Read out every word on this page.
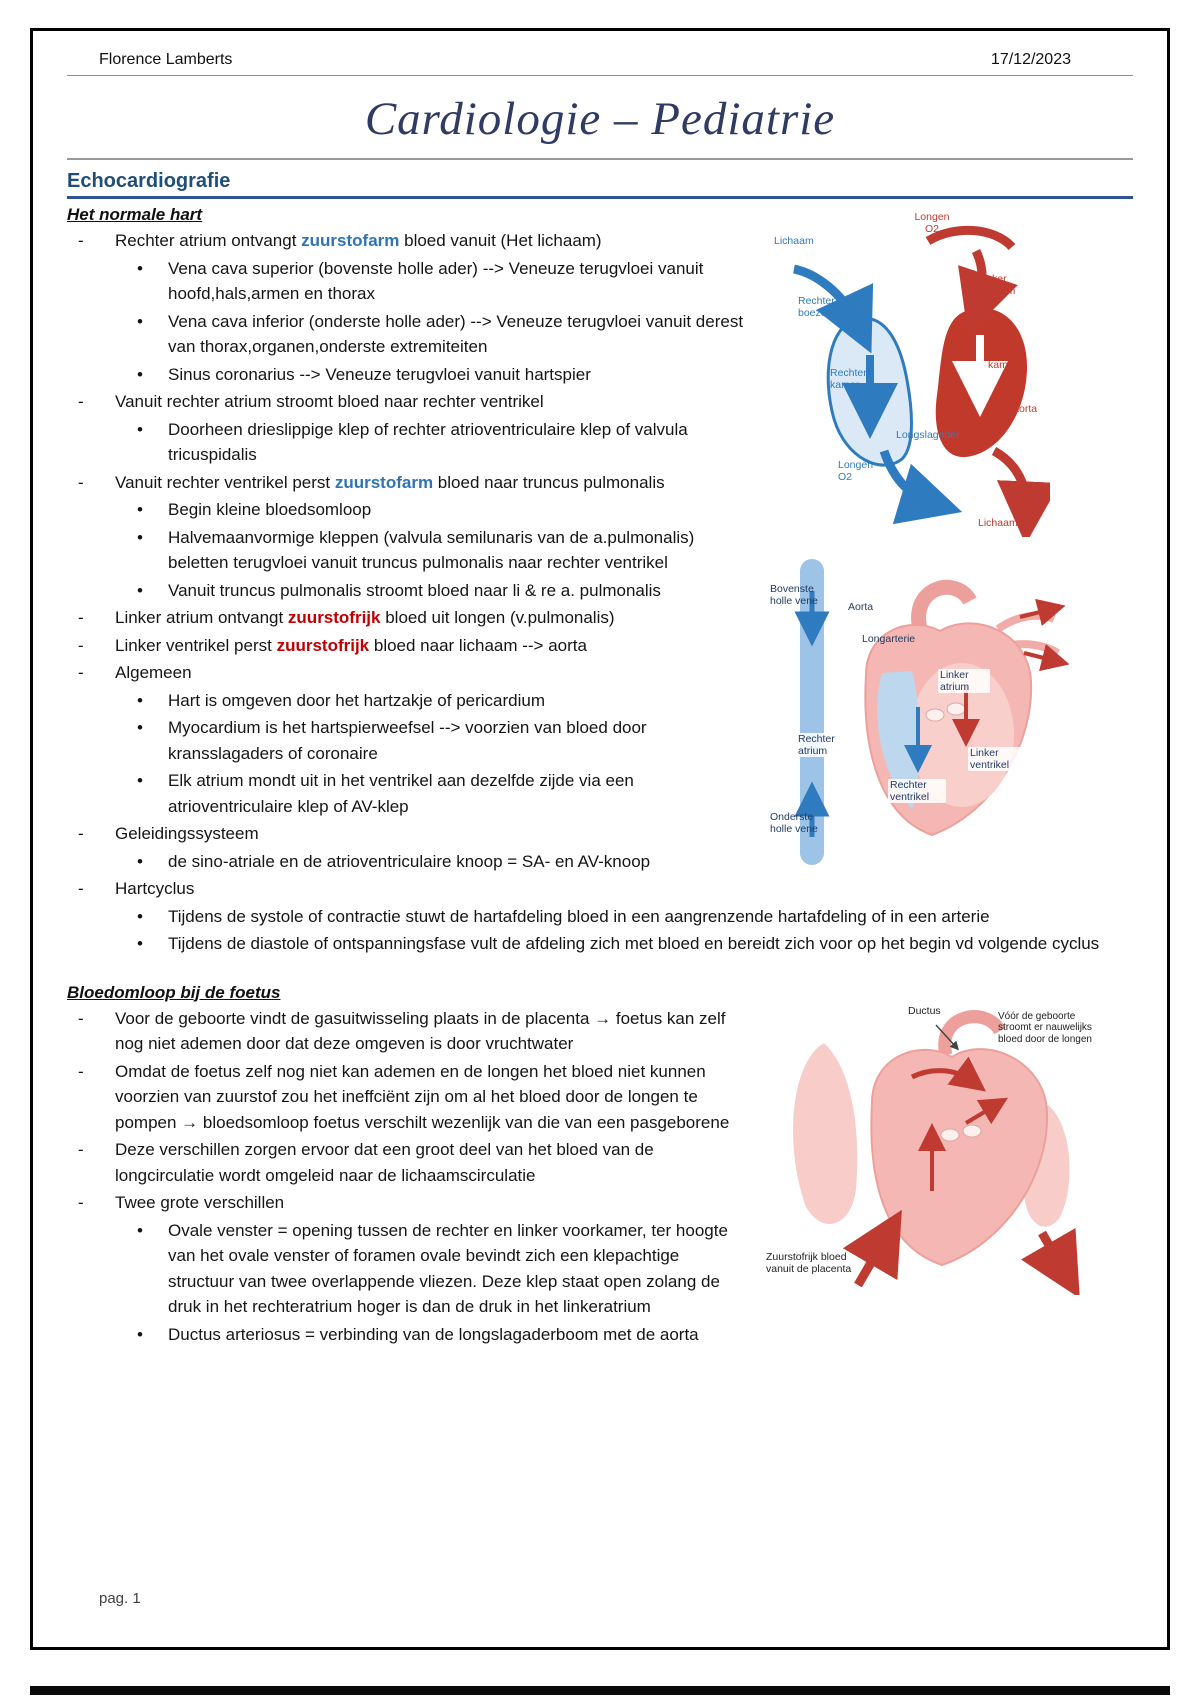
Florence Lamberts	17/12/2023
Cardiologie – Pediatrie
Echocardiografie
Longen O2
Lichaam
Linker boezem
Rechter boezem
Linker kamer
Rechter kamer
Longslagader
Aorta
Longen O2
Lichaam
Bovenste holle vene	Aorta
Longarterie
Linker atrium
Rechter atrium	Linker ventrikel
Rechter ventrikel
Onderste holle vene
Het normale hart
-	Rechter atrium ontvangt zuurstofarm bloed vanuit (Het lichaam)
•	Vena cava superior (bovenste holle ader) --> Veneuze terugvloei vanuit hoofd,hals,armen en thorax
•	Vena cava inferior (onderste holle ader) --> Veneuze terugvloei vanuit derest van thorax,organen,onderste extremiteiten
•	Sinus coronarius --> Veneuze terugvloei vanuit hartspier
-	Vanuit rechter atrium stroomt bloed naar rechter ventrikel
•	Doorheen drieslippige klep of rechter atrioventriculaire klep of valvula tricuspidalis
-	Vanuit rechter ventrikel perst zuurstofarm bloed naar truncus pulmonalis
•	Begin kleine bloedsomloop
•	Halvemaanvormige kleppen (valvula semilunaris van de a.pulmonalis) beletten terugvloei vanuit truncus pulmonalis naar rechter ventrikel
•	Vanuit truncus pulmonalis stroomt bloed naar li & re a. pulmonalis
-	Linker atrium ontvangt zuurstofrijk bloed uit longen (v.pulmonalis)
-	Linker ventrikel perst zuurstofrijk bloed naar lichaam --> aorta
-	Algemeen
•	Hart is omgeven door het hartzakje of pericardium
•	Myocardium is het hartspierweefsel --> voorzien van bloed door kransslagaders of coronaire
•	Elk atrium mondt uit in het ventrikel aan dezelfde zijde via een atrioventriculaire klep of AV-klep
-	Geleidingssysteem
•	de sino-atriale en de atrioventriculaire knoop = SA- en AV-knoop
-	Hartcyclus
•	Tijdens de systole of contractie stuwt de hartafdeling bloed in een aangrenzende hartafdeling of in een arterie
•	Tijdens de diastole of ontspanningsfase vult de afdeling zich met bloed en bereidt zich voor op het begin vd volgende cyclus
Ductus	Vóór de geboorte stroomt er nauwelijks bloed door de longen
Zuurstofrijk bloed vanuit de placenta
Bloedomloop bij de foetus
-	Voor de geboorte vindt de gasuitwisseling plaats in de placenta → foetus kan zelf nog niet ademen door dat deze omgeven is door vruchtwater
-	Omdat de foetus zelf nog niet kan ademen en de longen het bloed niet kunnen voorzien van zuurstof zou het ineffciënt zijn om al het bloed door de longen te pompen → bloedsomloop foetus verschilt wezenlijk van die van een pasgeborene
-	Deze verschillen zorgen ervoor dat een groot deel van het bloed van de longcirculatie wordt omgeleid naar de lichaamscirculatie
-	Twee grote verschillen
•	Ovale venster = opening tussen de rechter en linker voorkamer, ter hoogte van het ovale venster of foramen ovale bevindt zich een klepachtige structuur van twee overlappende vliezen. Deze klep staat open zolang de druk in het rechteratrium hoger is dan de druk in het linkeratrium
•	Ductus arteriosus = verbinding van de longslagaderboom met de aorta
pag. 1
